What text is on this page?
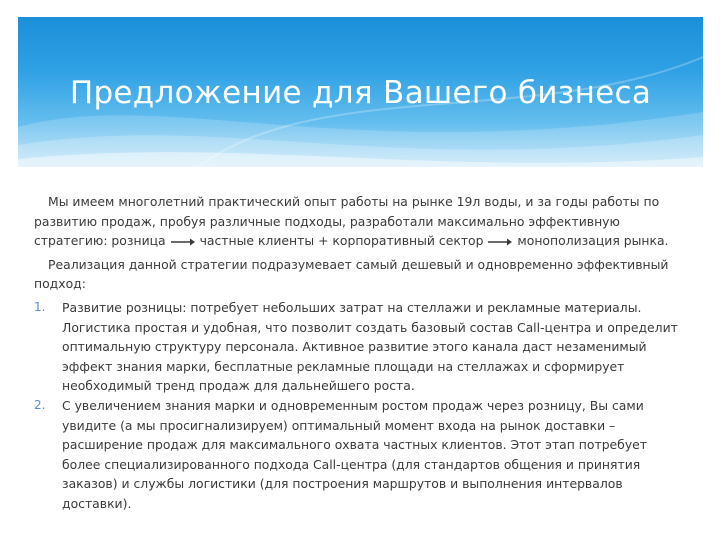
Предложение для Вашего бизнеса

Мы имеем многолетний практический опыт работы на рынке 19л воды, и за годы работы по развитию продаж, пробуя различные подходы, разработали максимально эффективную стратегию: розница	частные клиенты + корпоративный сектор	монополизация рынка.

Реализация данной стратегии подразумевает самый дешевый и одновременно эффективный подход:

1. Развитие розницы: потребует небольших затрат на стеллажи и рекламные материалы. Логистика простая и удобная, что позволит создать базовый состав Call-центра и определит оптимальную структуру персонала. Активное развитие этого канала даст незаменимый эффект знания марки, бесплатные рекламные площади на стеллажах и сформирует необходимый тренд продаж для дальнейшего роста.
2. С увеличением знания марки и одновременным ростом продаж через розницу, Вы сами увидите (а мы просигнализируем) оптимальный момент входа на рынок доставки – расширение продаж для максимального охвата частных клиентов. Этот этап потребует более специализированного подхода Call-центра (для стандартов общения и принятия заказов) и службы логистики (для построения маршрутов и выполнения интервалов доставки).
